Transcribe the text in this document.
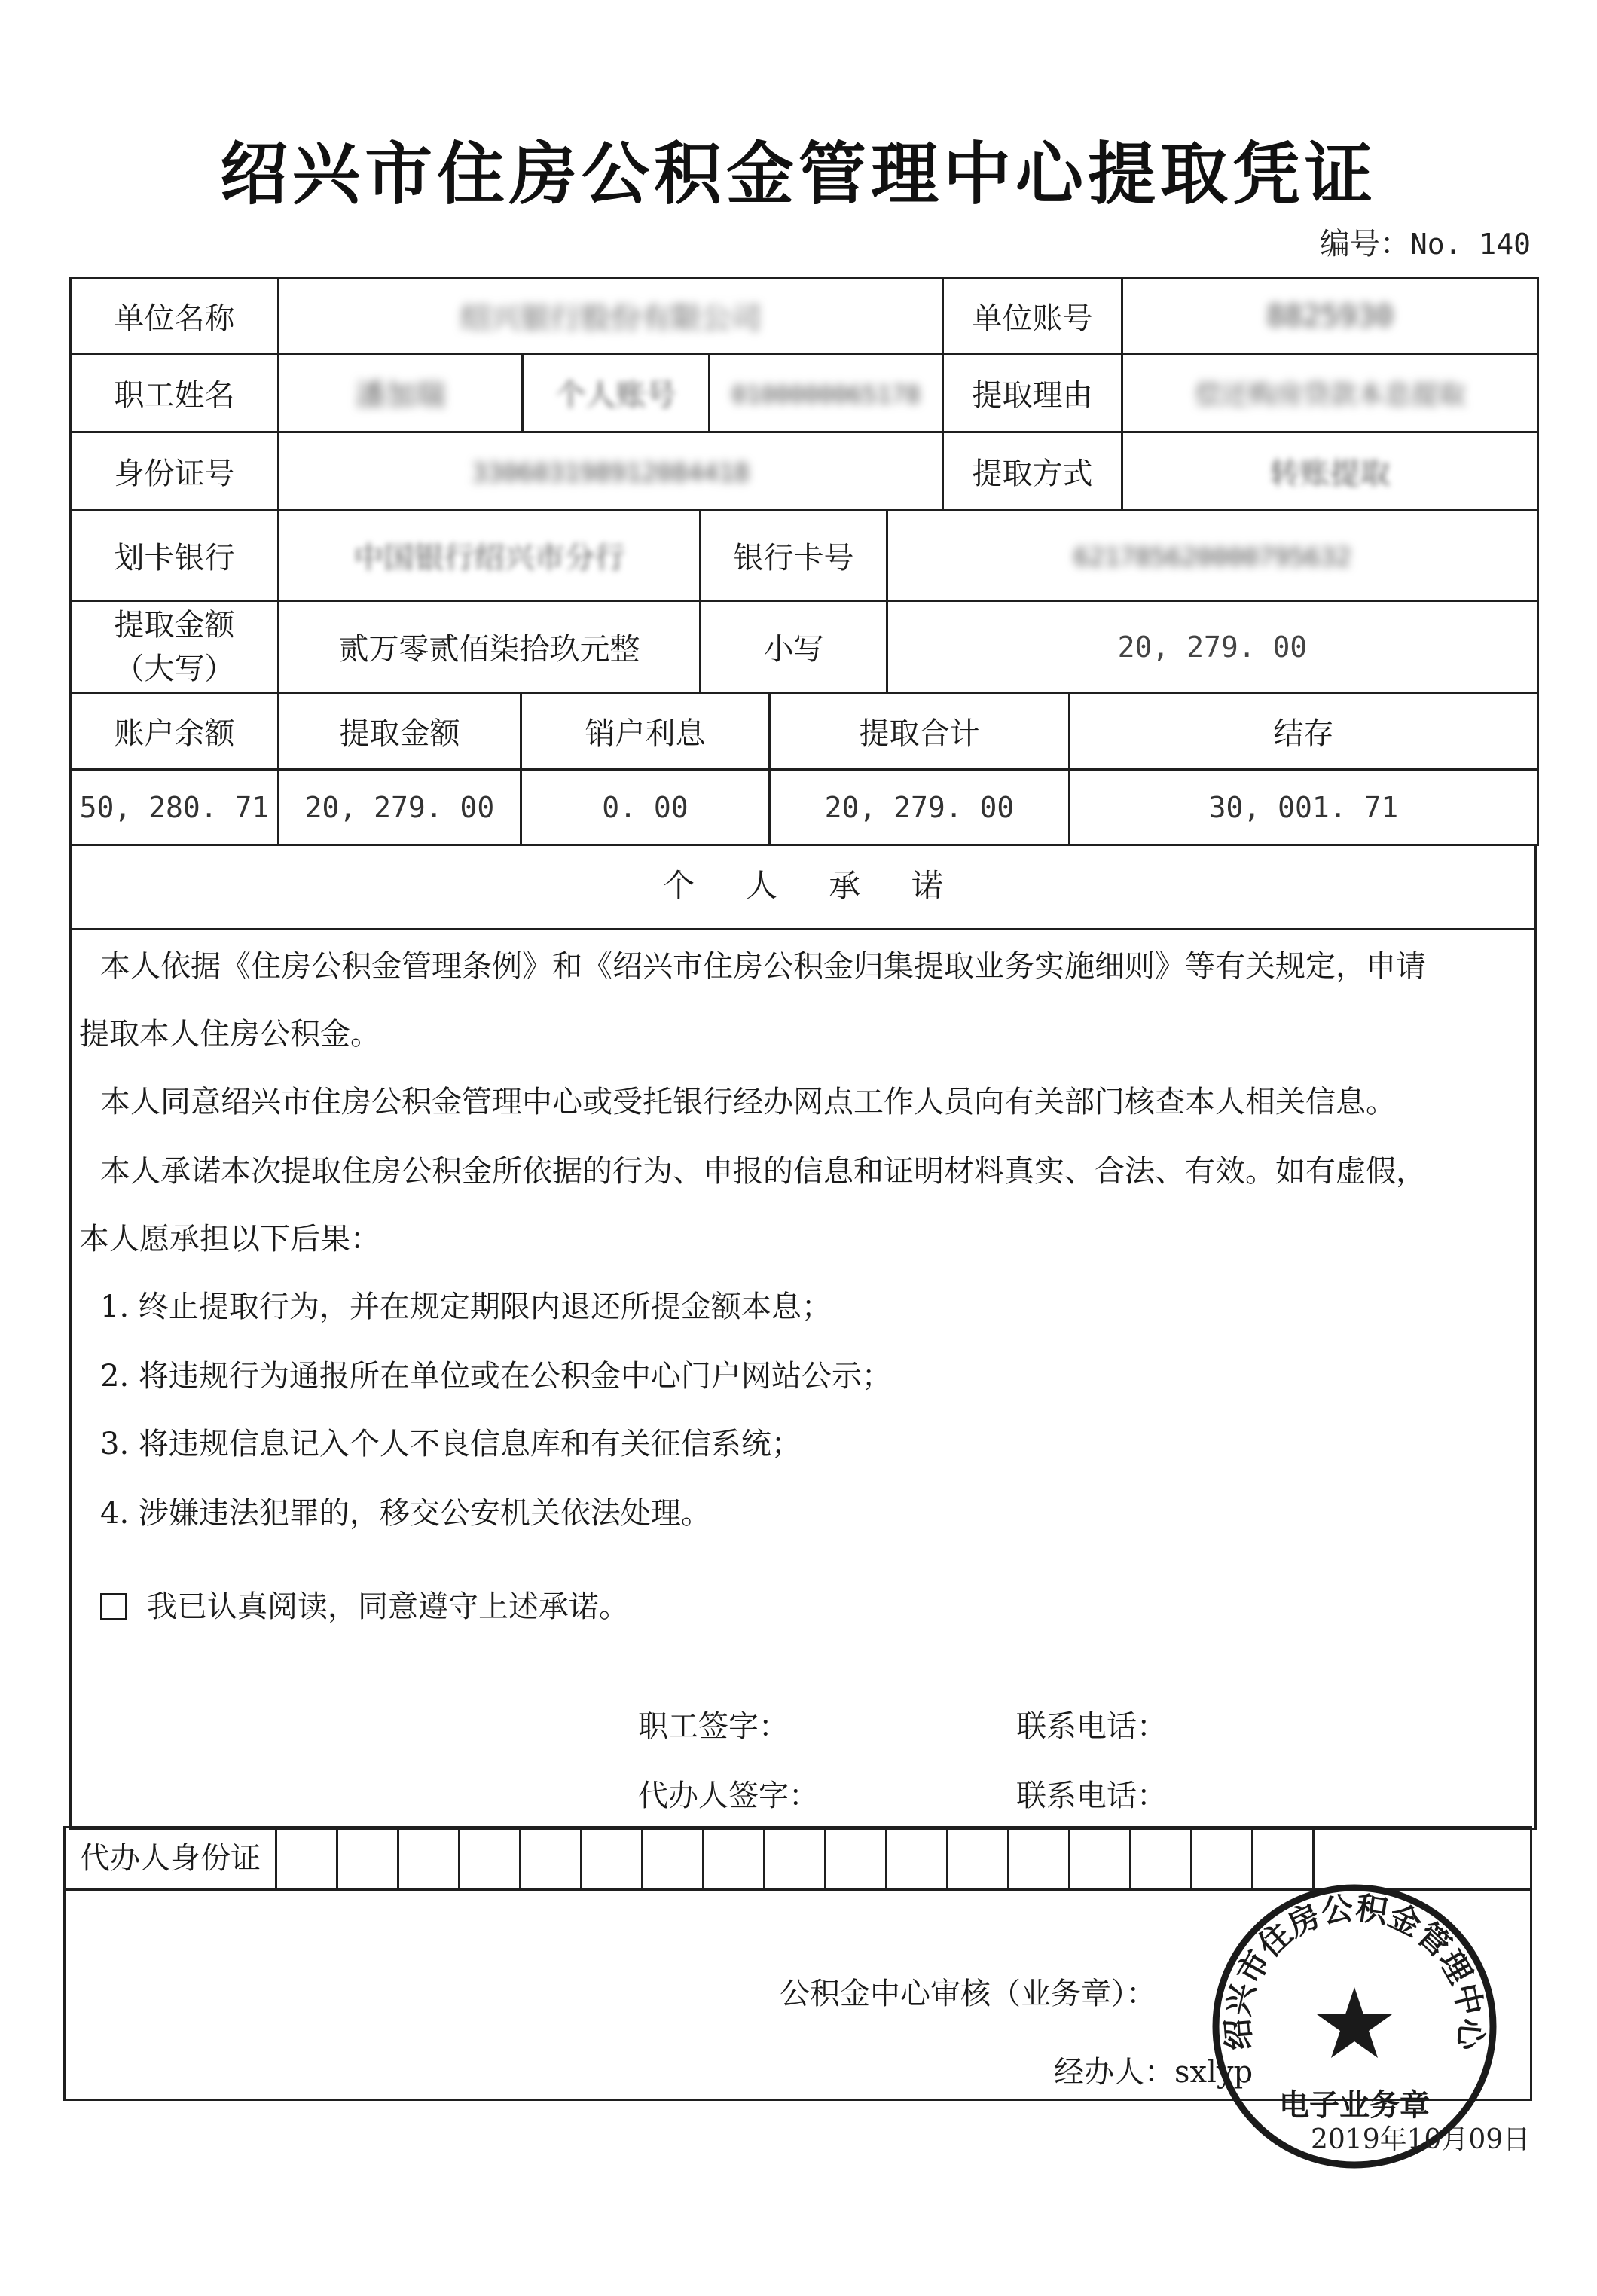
绍兴市住房公积金管理中心提取凭证
编号：No. 140
单位名称	绍兴银行股份有限公司			单位账号	8825930
职工姓名	潘加瑞	个人账号	0100000065178	提取理由	偿还购房贷款本息提取
身份证号	330603198912084418			提取方式	转账提取
划卡银行	中国银行绍兴市分行	银行卡号	621785620000795632

提取金额
（大写）	贰万零贰佰柒拾玖元整	小写	20, 279. 00
账户余额	提取金额	销户利息	提取合计	结存
50, 280. 71	20, 279. 00	0. 00	20, 279. 00	30, 001. 71
个人承诺
本人依据《住房公积金管理条例》和《绍兴市住房公积金归集提取业务实施细则》等有关规定，申请
提取本人住房公积金。
本人同意绍兴市住房公积金管理中心或受托银行经办网点工作人员向有关部门核查本人相关信息。
本人承诺本次提取住房公积金所依据的行为、申报的信息和证明材料真实、合法、有效。如有虚假，
本人愿承担以下后果：
1. 终止提取行为，并在规定期限内退还所提金额本息；
2. 将违规行为通报所在单位或在公积金中心门户网站公示；
3. 将违规信息记入个人不良信息库和有关征信系统；
4. 涉嫌违法犯罪的，移交公安机关依法处理。
我已认真阅读，同意遵守上述承诺。
职工签字：	联系电话：
代办人签字：	联系电话：
代办人身份证
公积金中心审核（业务章）：
经办人：sxlyp
绍兴市住房公积金管理中心
电子业务章
2019年10月09日
